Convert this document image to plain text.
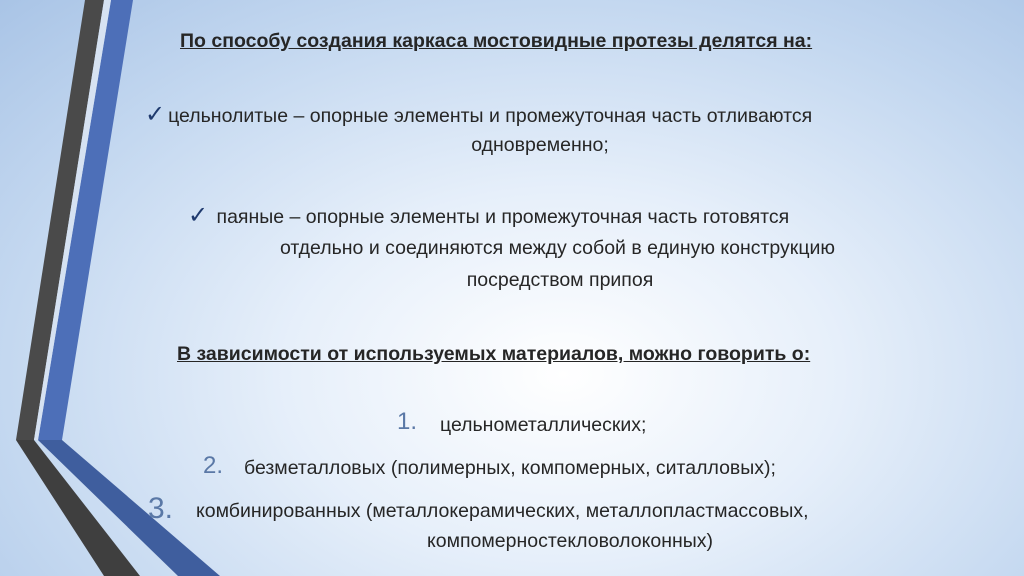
По способу создания каркаса мостовидные протезы делятся на:
✓ цельнолитые – опорные элементы и промежуточная часть отливаются
одновременно;
✓ паяные – опорные элементы и промежуточная часть готовятся
отдельно и соединяются между собой в единую конструкцию
посредством припоя
В зависимости от используемых материалов, можно говорить о:
1. цельнометаллических;
2. безметалловых (полимерных, компомерных, ситалловых);
3. комбинированных (металлокерамических, металлопластмассовых,
компомерностекловолоконных)
